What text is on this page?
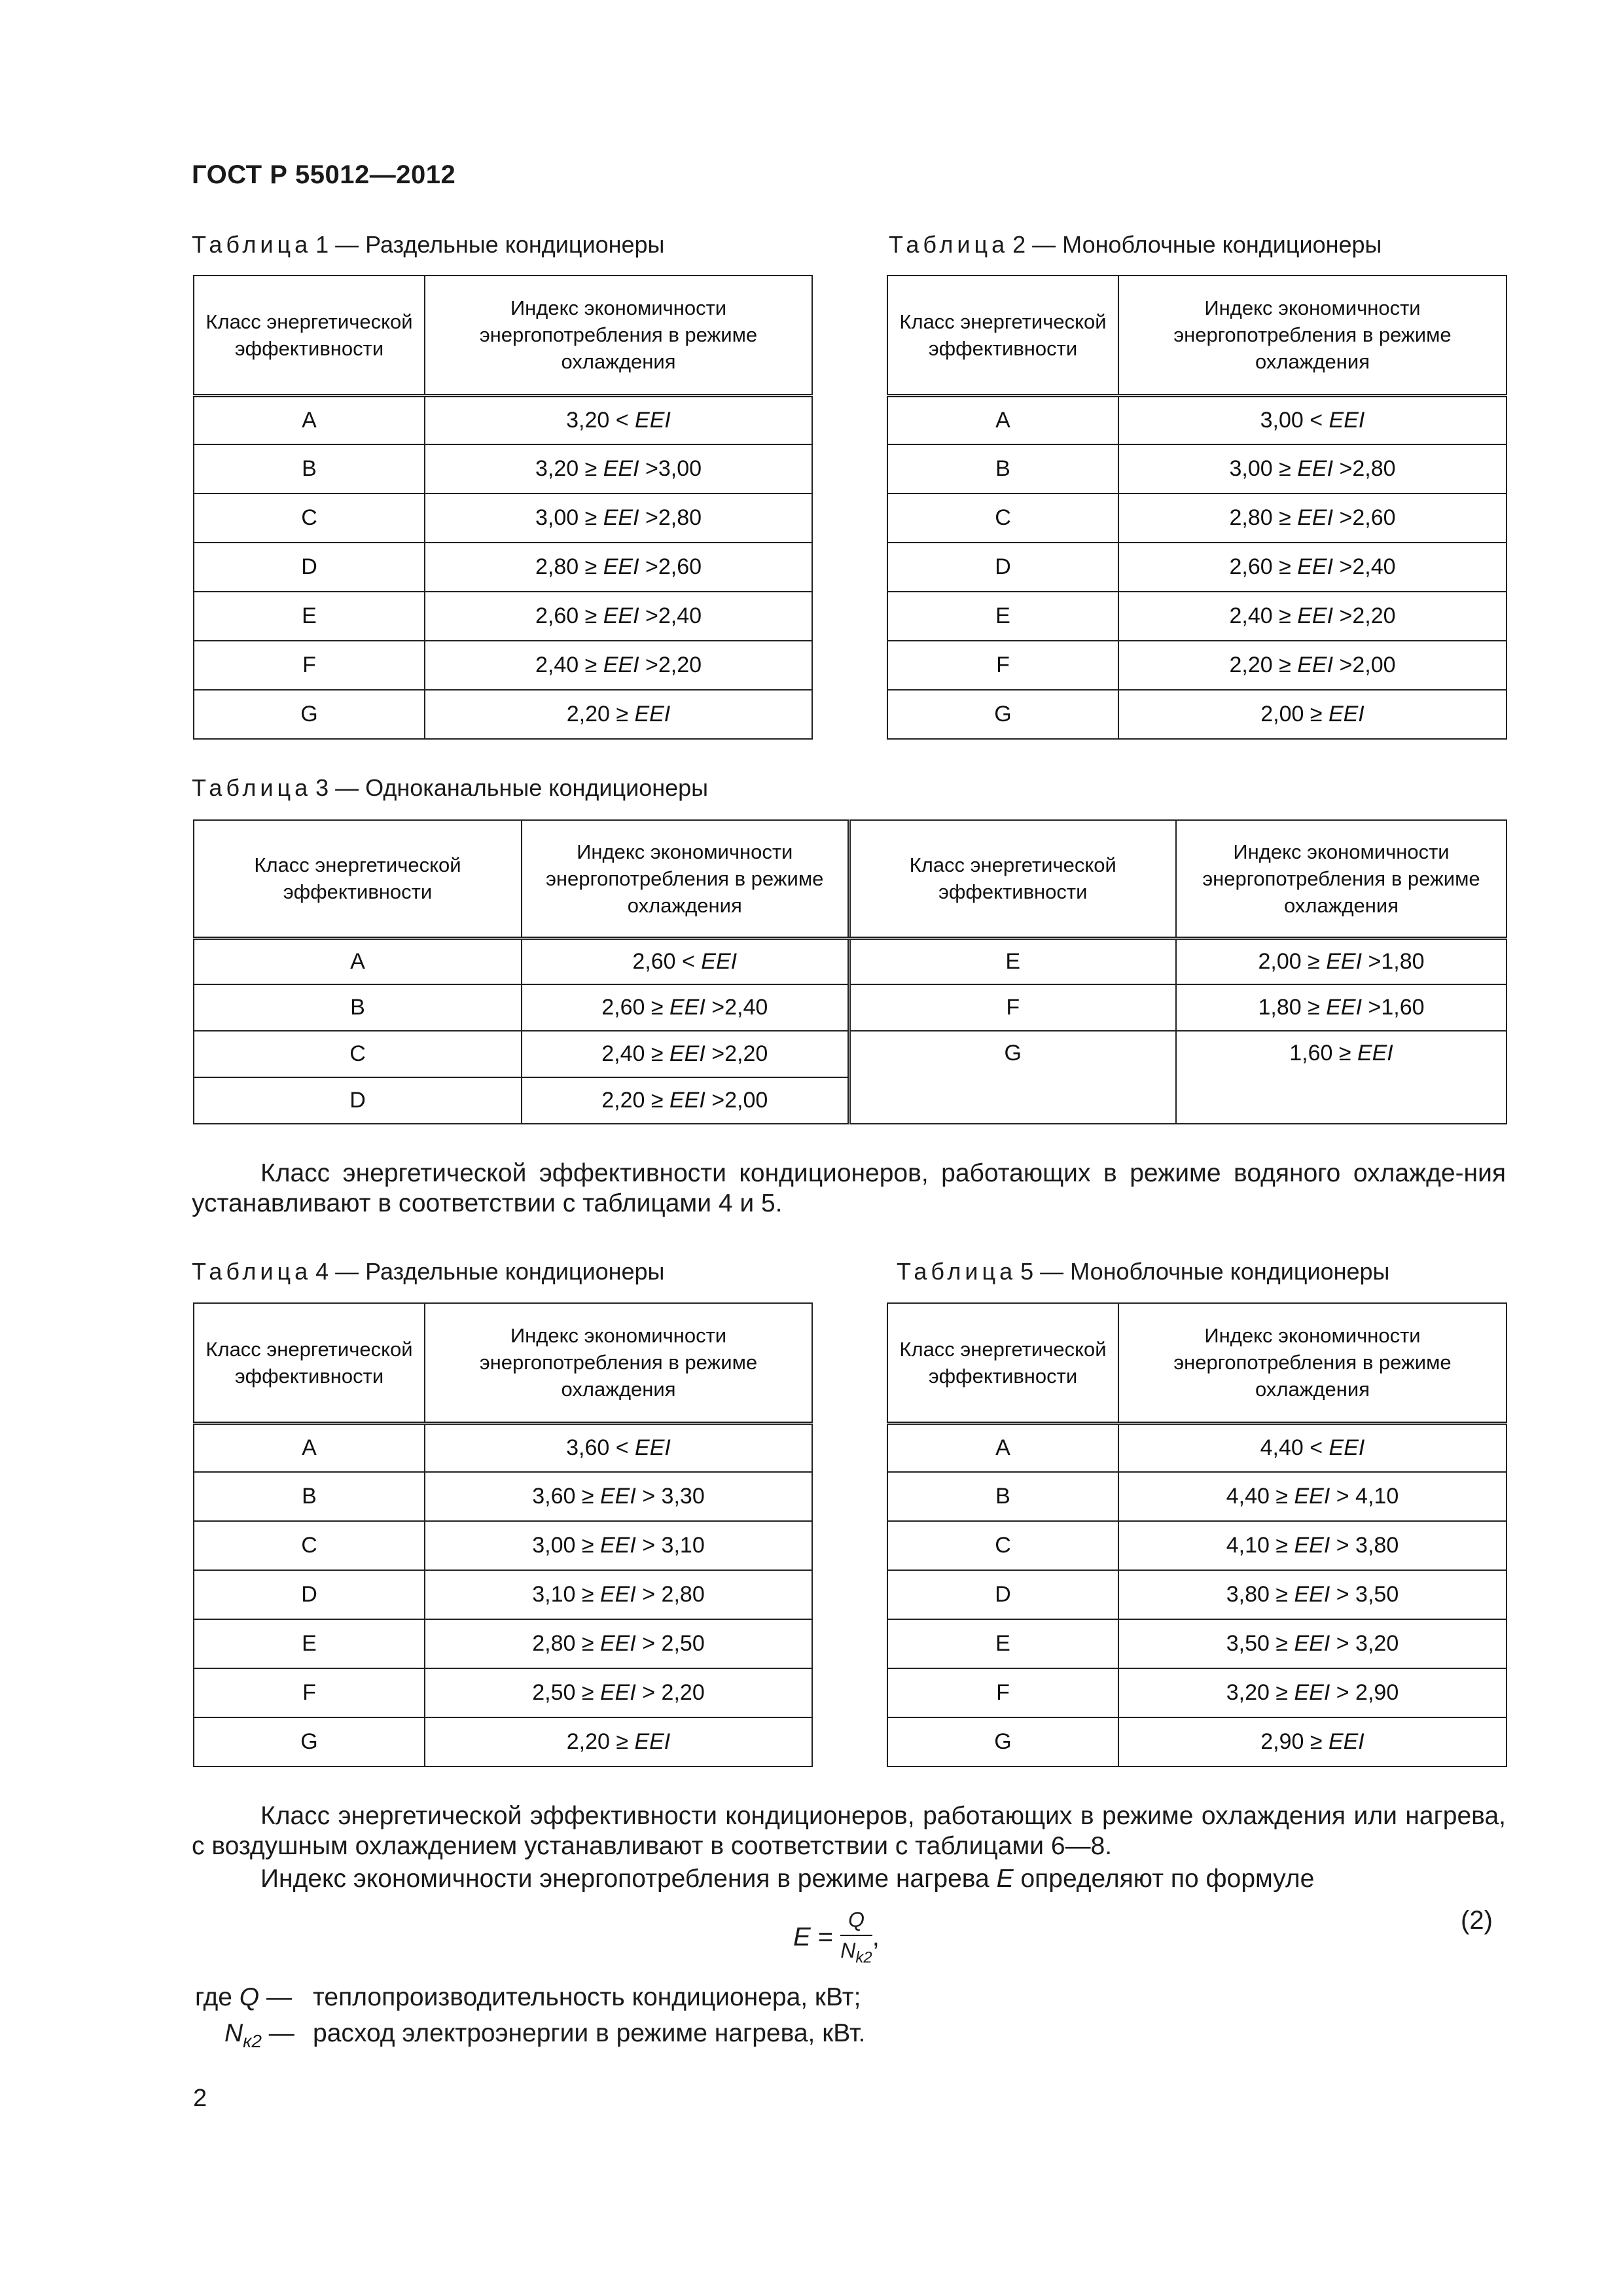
ГОСТ Р 55012—2012
Таблица 1 — Раздельные кондиционеры
Класс энергетической эффективности	Индекс экономичности энергопотребления в режиме охлаждения
A	3,20 < EEI
B	3,20 ≥ EEI >3,00
C	3,00 ≥ EEI >2,80
D	2,80 ≥ EEI >2,60
E	2,60 ≥ EEI >2,40
F	2,40 ≥ EEI >2,20
G	2,20 ≥ EEI
Таблица 2 — Моноблочные кондиционеры
Класс энергетической эффективности	Индекс экономичности энергопотребления в режиме охлаждения
A	3,00 < EEI
B	3,00 ≥ EEI >2,80
C	2,80 ≥ EEI >2,60
D	2,60 ≥ EEI >2,40
E	2,40 ≥ EEI >2,20
F	2,20 ≥ EEI >2,00
G	2,00 ≥ EEI
Таблица 3 — Одноканальные кондиционеры
Класс энергетической эффективности	Индекс экономичности энергопотребления в режиме охлаждения	Класс энергетической эффективности	Индекс экономичности энергопотребления в режиме охлаждения
A	2,60 < EEI	E	2,00 ≥ EEI >1,80
B	2,60 ≥ EEI >2,40	F	1,80 ≥ EEI >1,60
C	2,40 ≥ EEI >2,20	G	1,60 ≥ EEI
D	2,20 ≥ EEI >2,00		
Класс энергетической эффективности кондиционеров, работающих в режиме водяного охлажде-ния устанавливают в соответствии с таблицами 4 и 5.
Таблица 4 — Раздельные кондиционеры
Класс энергетической эффективности	Индекс экономичности энергопотребления в режиме охлаждения
A	3,60 < EEI
B	3,60 ≥ EEI > 3,30
C	3,00 ≥ EEI > 3,10
D	3,10 ≥ EEI > 2,80
E	2,80 ≥ EEI > 2,50
F	2,50 ≥ EEI > 2,20
G	2,20 ≥ EEI
Таблица 5 — Моноблочные кондиционеры
Класс энергетической эффективности	Индекс экономичности энергопотребления в режиме охлаждения
A	4,40 < EEI
B	4,40 ≥ EEI > 4,10
C	4,10 ≥ EEI > 3,80
D	3,80 ≥ EEI > 3,50
E	3,50 ≥ EEI > 3,20
F	3,20 ≥ EEI > 2,90
G	2,90 ≥ EEI
Класс энергетической эффективности кондиционеров, работающих в режиме охлаждения или нагрева, с воздушным охлаждением устанавливают в соответствии с таблицами 6—8.
Индекс экономичности энергопотребления в режиме нагрева E определяют по формуле
$E = \frac{Q}{N_{k2}}$ ,
(2)
где Q — теплопроизводительность кондиционера, кВт;
$N_{к2}$ — расход электроэнергии в режиме нагрева, кВт.
2
